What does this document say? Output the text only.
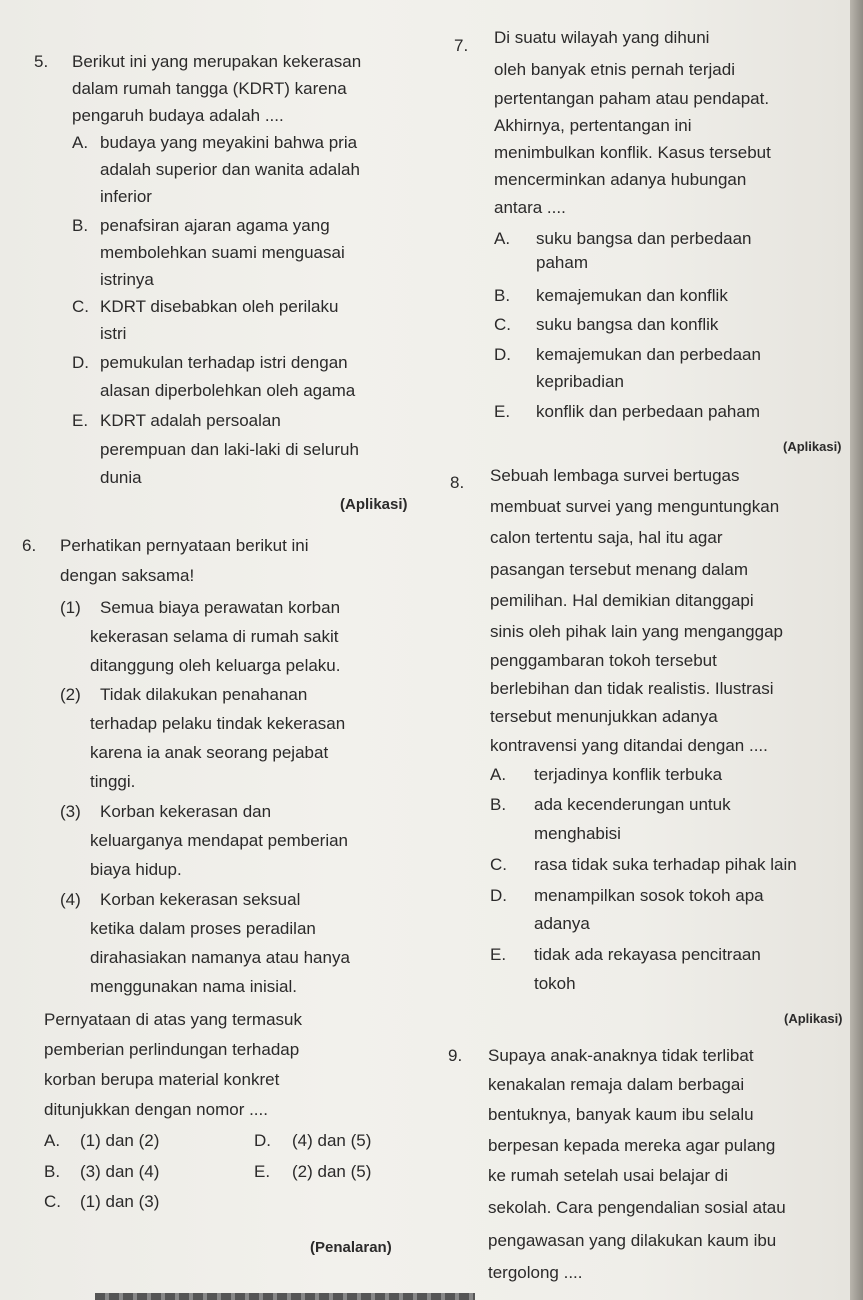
5. Berikut ini yang merupakan kekerasan
dalam rumah tangga (KDRT) karena
pengaruh budaya adalah ....
A. budaya yang meyakini bahwa pria
adalah superior dan wanita adalah
inferior
B. penafsiran ajaran agama yang
membolehkan suami menguasai
istrinya
C. KDRT disebabkan oleh perilaku
istri
D. pemukulan terhadap istri dengan
alasan diperbolehkan oleh agama
E. KDRT adalah persoalan
perempuan dan laki-laki di seluruh
dunia
(Aplikasi)
6. Perhatikan pernyataan berikut ini
dengan saksama!
(1) Semua biaya perawatan korban
kekerasan selama di rumah sakit
ditanggung oleh keluarga pelaku.
(2) Tidak dilakukan penahanan
terhadap pelaku tindak kekerasan
karena ia anak seorang pejabat
tinggi.
(3) Korban kekerasan dan
keluarganya mendapat pemberian
biaya hidup.
(4) Korban kekerasan seksual
ketika dalam proses peradilan
dirahasiakan namanya atau hanya
menggunakan nama inisial.
Pernyataan di atas yang termasuk
pemberian perlindungan terhadap
korban berupa material konkret
ditunjukkan dengan nomor ....
A. (1) dan (2)
B. (3) dan (4)
C. (1) dan (3)
D. (4) dan (5)
E. (2) dan (5)
(Penalaran)
7. Di suatu wilayah yang dihuni
oleh banyak etnis pernah terjadi
pertentangan paham atau pendapat.
Akhirnya, pertentangan ini
menimbulkan konflik. Kasus tersebut
mencerminkan adanya hubungan
antara ....
A. suku bangsa dan perbedaan
paham
B. kemajemukan dan konflik
C. suku bangsa dan konflik
D. kemajemukan dan perbedaan
kepribadian
E. konflik dan perbedaan paham
(Aplikasi)
8. Sebuah lembaga survei bertugas
membuat survei yang menguntungkan
calon tertentu saja, hal itu agar
pasangan tersebut menang dalam
pemilihan. Hal demikian ditanggapi
sinis oleh pihak lain yang menganggap
penggambaran tokoh tersebut
berlebihan dan tidak realistis. Ilustrasi
tersebut menunjukkan adanya
kontravensi yang ditandai dengan ....
A. terjadinya konflik terbuka
B. ada kecenderungan untuk
menghabisi
C. rasa tidak suka terhadap pihak lain
D. menampilkan sosok tokoh apa
adanya
E. tidak ada rekayasa pencitraan
tokoh
(Aplikasi)
9. Supaya anak-anaknya tidak terlibat
kenakalan remaja dalam berbagai
bentuknya, banyak kaum ibu selalu
berpesan kepada mereka agar pulang
ke rumah setelah usai belajar di
sekolah. Cara pengendalian sosial atau
pengawasan yang dilakukan kaum ibu
tergolong ....
